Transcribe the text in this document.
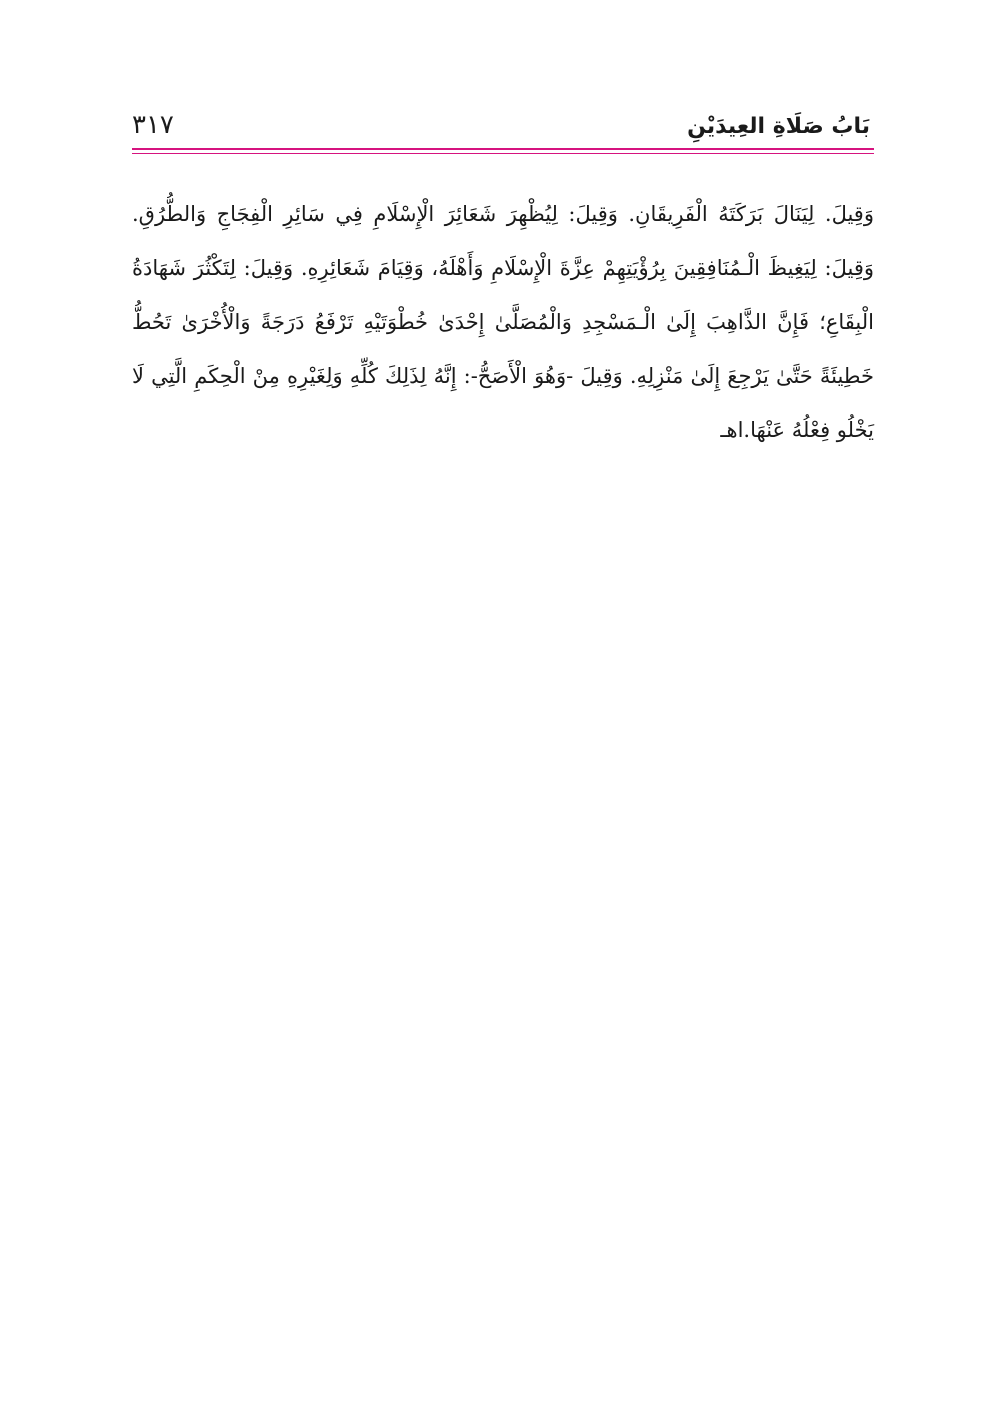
٣١٧	بَابُ صَلَاةِ العِيدَيْنِ

وَقِيلَ. لِيَنَالَ بَرَكَتَهُ الْفَرِيقَانِ. وَقِيلَ: لِيُظْهِرَ شَعَائِرَ الْإِسْلَامِ فِي سَائِرِ الْفِجَاجِ وَالطُّرُقِ. وَقِيلَ: لِيَغِيظَ الْـمُنَافِقِينَ بِرُؤْيَتِهِمْ عِزَّةَ الْإِسْلَامِ وَأَهْلَهُ، وَقِيَامَ شَعَائِرِهِ. وَقِيلَ: لِتَكْثُرَ شَهَادَةُ الْبِقَاعِ؛ فَإِنَّ الذَّاهِبَ إِلَىٰ الْـمَسْجِدِ وَالْمُصَلَّىٰ إِحْدَىٰ خُطْوَتَيْهِ تَرْفَعُ دَرَجَةً وَالْأُخْرَىٰ تَحُطُّ خَطِيئَةً حَتَّىٰ يَرْجِعَ إِلَىٰ مَنْزِلِهِ. وَقِيلَ -وَهُوَ الْأَصَحُّ-: إِنَّهُ لِذَلِكَ كُلِّهِ وَلِغَيْرِهِ مِنْ الْحِكَمِ الَّتِي لَا يَخْلُو فِعْلُهُ عَنْهَا.اهـ
